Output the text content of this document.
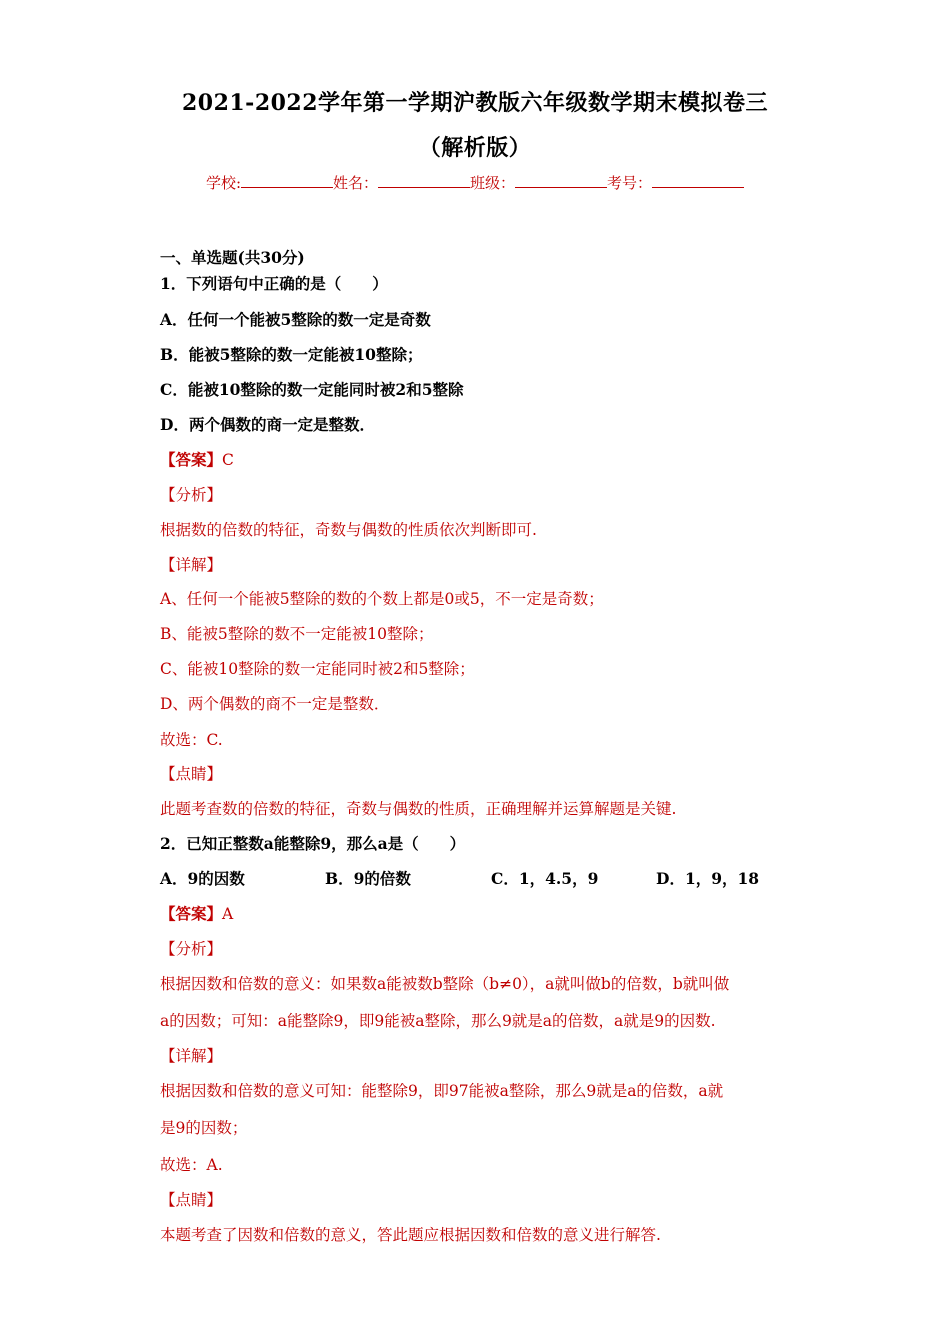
2021-2022学年第一学期沪教版六年级数学期末模拟卷三
（解析版）
学校:	姓名：	班级：	考号：
一、单选题(共30分)
1．下列语句中正确的是（　　）
A．任何一个能被5整除的数一定是奇数
B．能被5整除的数一定能被10整除；
C．能被10整除的数一定能同时被2和5整除
D．两个偶数的商一定是整数．
【答案】C
【分析】
根据数的倍数的特征，奇数与偶数的性质依次判断即可.
【详解】
A、任何一个能被5整除的数的个数上都是0或5，不一定是奇数；
B、能被5整除的数不一定能被10整除；
C、能被10整除的数一定能同时被2和5整除；
D、两个偶数的商不一定是整数．
故选：C.
【点睛】
此题考查数的倍数的特征，奇数与偶数的性质，正确理解并运算解题是关键.
2．已知正整数a能整除9，那么a是（　　）
A．9的因数	B．9的倍数	C．1，4.5，9	D．1，9，18
【答案】A
【分析】
根据因数和倍数的意义：如果数a能被数b整除（b≠0），a就叫做b的倍数，b就叫做
a的因数；可知：a能整除9，即9能被a整除，那么9就是a的倍数，a就是9的因数.
【详解】
根据因数和倍数的意义可知：能整除9，即97能被a整除，那么9就是a的倍数，a就
是9的因数；
故选：A.
【点睛】
本题考查了因数和倍数的意义，答此题应根据因数和倍数的意义进行解答.
